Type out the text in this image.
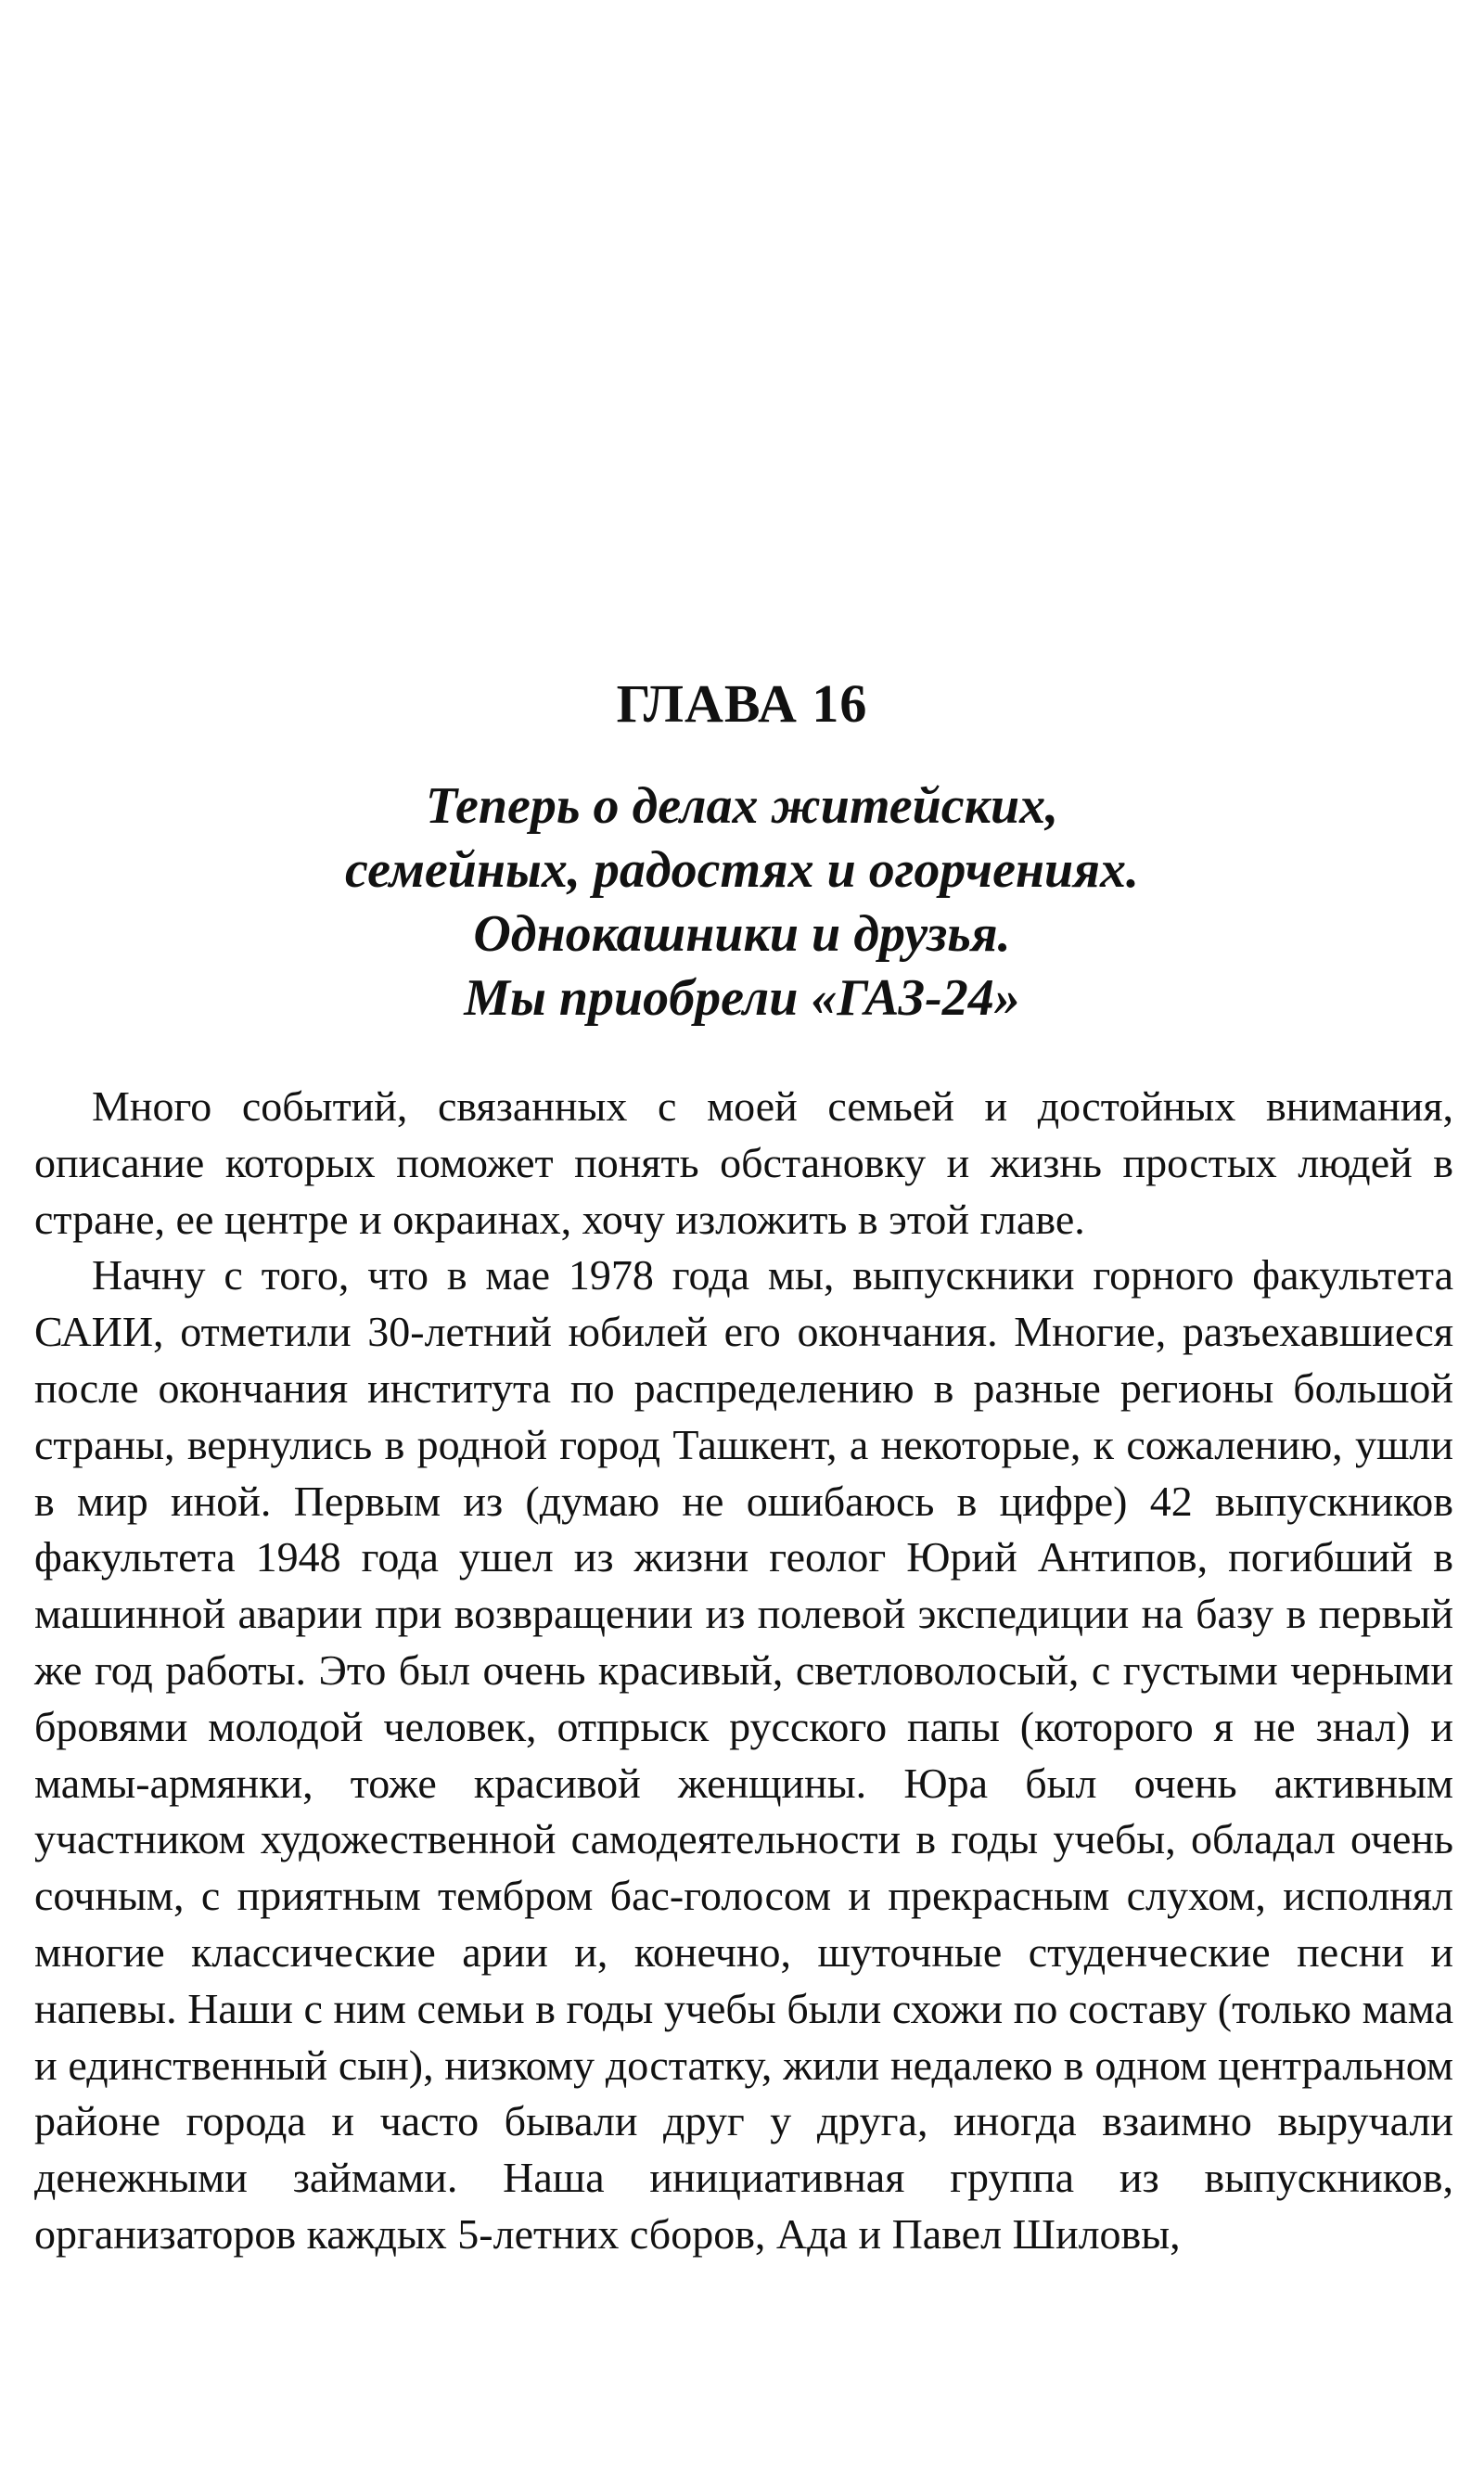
ГЛАВА 16
Теперь о делах житейских,
семейных, радостях и огорчениях.
Однокашники и друзья.
Мы приобрели «ГАЗ-24»

Много событий, связанных с моей семьей и достойных внимания, описание которых поможет понять обстановку и жизнь простых людей в стране, ее центре и окраинах, хочу изложить в этой главе.

Начну с того, что в мае 1978 года мы, выпускники горного факультета САИИ, отметили 30-летний юбилей его окончания. Многие, разъехавшиеся после окончания института по распределению в разные регионы большой страны, вернулись в родной город Ташкент, а некоторые, к сожалению, ушли в мир иной. Первым из (думаю не ошибаюсь в цифре) 42 выпускников факультета 1948 года ушел из жизни геолог Юрий Антипов, погибший в машинной аварии при возвращении из полевой экспедиции на базу в первый же год работы. Это был очень красивый, светловолосый, с густыми черными бровями молодой человек, отпрыск русского папы (которого я не знал) и мамы-армянки, тоже красивой женщины. Юра был очень активным участником художественной самодеятельности в годы учебы, обладал очень сочным, с приятным тембром бас-голосом и прекрасным слухом, исполнял многие классические арии и, конечно, шуточные студенческие песни и напевы. Наши с ним семьи в годы учебы были схожи по составу (только мама и единственный сын), низкому достатку, жили недалеко в одном центральном районе города и часто бывали друг у друга, иногда взаимно выручали денежными займами. Наша инициативная группа из выпускников, организаторов каждых 5-летних сборов, Ада и Павел Шиловы,
